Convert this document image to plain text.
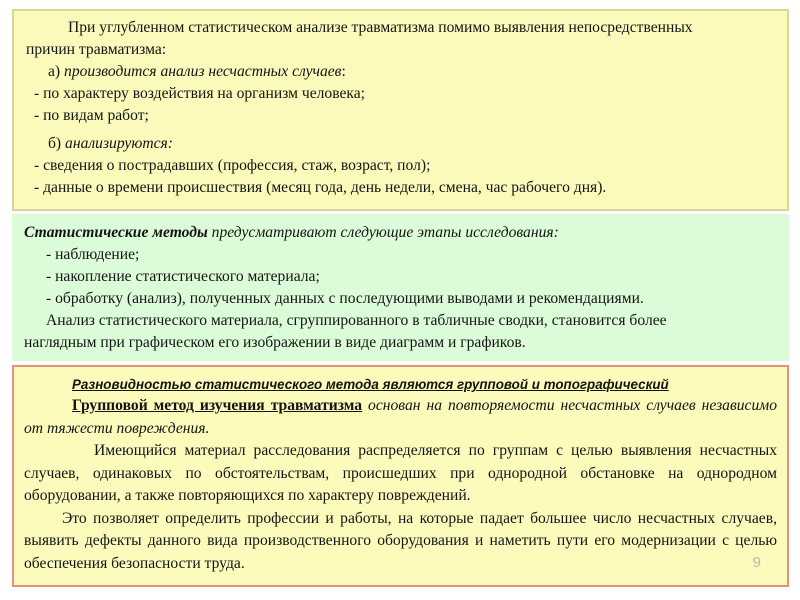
При углубленном статистическом анализе травматизма помимо выявления непосредственных
причин травматизма:
а) производится анализ несчастных случаев:
- по характеру воздействия на организм человека;
- по видам работ;
б) анализируются:
- сведения о пострадавших (профессия, стаж, возраст, пол);
- данные о времени происшествия (месяц года, день недели, смена, час рабочего дня).
Статистические методы предусматривают следующие этапы исследования:
- наблюдение;
- накопление статистического материала;
- обработку (анализ), полученных данных с последующими выводами и рекомендациями.
Анализ статистического материала, сгруппированного в табличные сводки, становится более
наглядным при графическом его изображении в виде диаграмм и графиков.
Разновидностью статистического метода являются групповой и топографический
Групповой метод изучения травматизма основан на повторяемости несчастных случаев независимо от тяжести повреждения.
Имеющийся материал расследования распределяется по группам с целью выявления несчастных случаев, одинаковых по обстоятельствам, происшедших при однородной обстановке на однородном оборудовании, а также повторяющихся по характеру повреждений.
Это позволяет определить профессии и работы, на которые падает большее число несчастных случаев, выявить дефекты данного вида производственного оборудования и наметить пути его модернизации с целью обеспечения безопасности труда.	9
